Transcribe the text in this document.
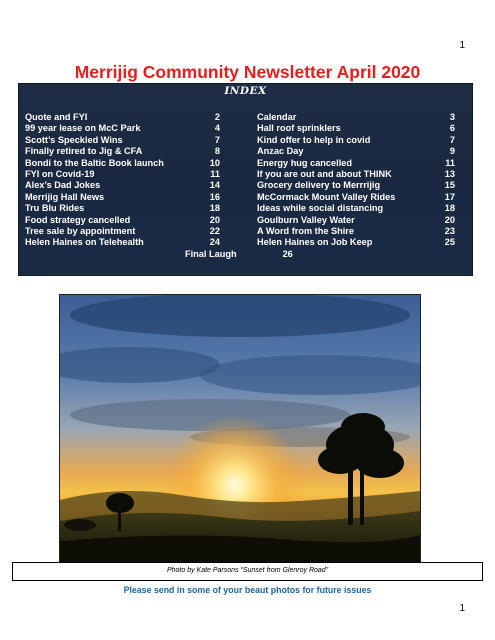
1
Merrijig Community Newsletter April 2020
INDEX
Quote and FYI	2
99 year lease on McC Park	4
Scott’s Speckled Wins	7
Finally retired to Jig & CFA	8
Bondi to the Baltic Book launch	10
FYI on Covid-19	11
Alex’s Dad Jokes	14
Merrijig Hall News	16
Tru Blu Rides	18
Food strategy cancelled	20
Tree sale by appointment	22
Helen Haines on Telehealth	24
Calendar	3
Hall roof sprinklers	6
Kind offer to help in covid	7
Anzac Day	9
Energy hug cancelled	11
If you are out and about THINK	13
Grocery delivery to Merrrijig	15
McCormack Mount Valley Rides	17
Ideas while social distancing	18
Goulburn Valley Water	20
A Word from the Shire	23
Helen Haines on Job Keep	25
Final Laugh	26
Photo by Kate Parsons “Sunset from Glenroy Road”
Please send in some of your beaut photos for future issues
1
